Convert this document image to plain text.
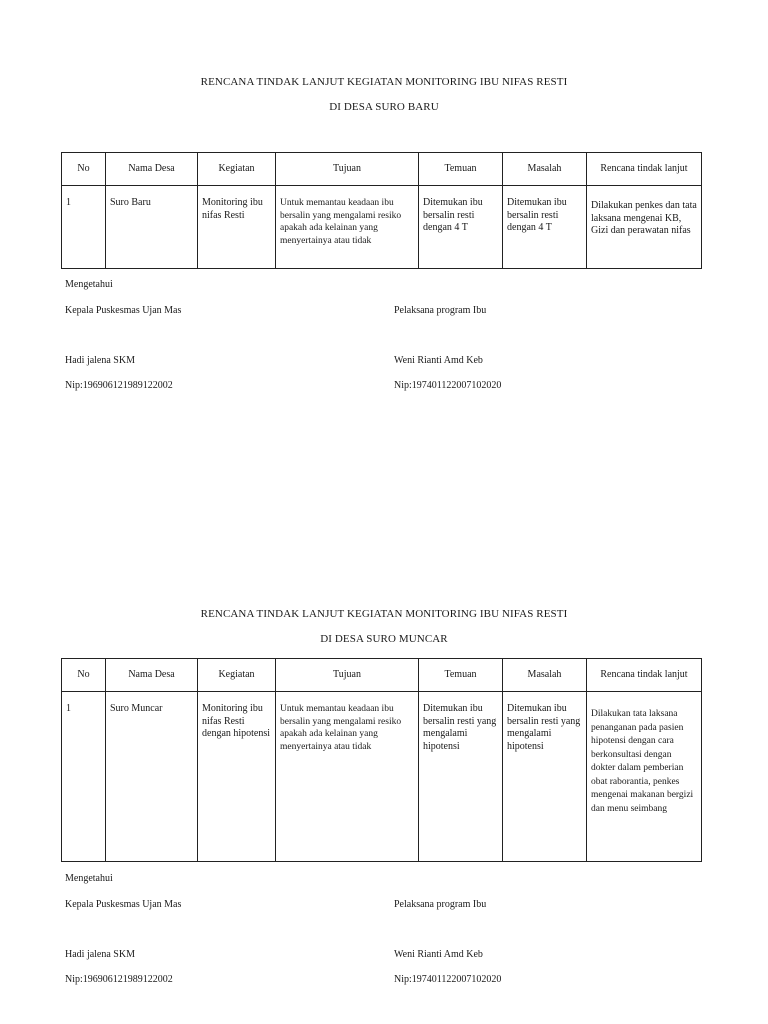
RENCANA TINDAK LANJUT KEGIATAN MONITORING IBU NIFAS RESTI
DI DESA SURO BARU
No	Nama Desa	Kegiatan	Tujuan	Temuan	Masalah	Rencana tindak lanjut
1	Suro Baru	Monitoring ibu nifas Resti	Untuk memantau keadaan ibu bersalin yang mengalami resiko apakah ada kelainan yang menyertainya atau tidak	Ditemukan ibu bersalin resti dengan 4 T	Ditemukan ibu bersalin resti dengan 4 T	Dilakukan penkes dan tata laksana mengenai KB, Gizi dan perawatan nifas
Mengetahui
Kepala Puskesmas Ujan Mas	Pelaksana program Ibu
Hadi jalena SKM	Weni Rianti Amd Keb
Nip:196906121989122002	Nip:197401122007102020
RENCANA TINDAK LANJUT KEGIATAN MONITORING IBU NIFAS RESTI
DI DESA SURO MUNCAR
No	Nama Desa	Kegiatan	Tujuan	Temuan	Masalah	Rencana tindak lanjut
1	Suro Muncar	Monitoring ibu nifas Resti dengan hipotensi	Untuk memantau keadaan ibu bersalin yang mengalami resiko apakah ada kelainan yang menyertainya atau tidak	Ditemukan ibu bersalin resti yang mengalami hipotensi	Ditemukan ibu bersalin resti yang mengalami hipotensi	Dilakukan tata laksana penanganan pada pasien hipotensi dengan cara berkonsultasi dengan dokter dalam pemberian obat raborantia, penkes mengenai makanan bergizi dan menu seimbang
Mengetahui
Kepala Puskesmas Ujan Mas	Pelaksana program Ibu
Hadi jalena SKM	Weni Rianti Amd Keb
Nip:196906121989122002	Nip:197401122007102020
